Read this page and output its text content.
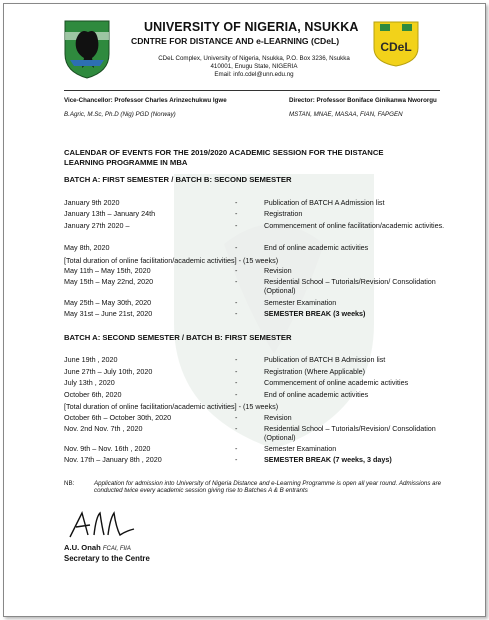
UNIVERSITY OF NIGERIA, NSUKKA
CDNTRE FOR DISTANCE AND e-LEARNING (CDeL)
CDeL Complex, University of Nigeria, Nsukka, P.O. Box 3236, Nsukka
410001, Enugu State, NIGERIA
Email: info.cdel@unn.edu.ng
CDeL
Vice-Chancellor: Professor Charles Arinzechukwu Igwe	Director: Professor Boniface Ginikanwa Nwororgu
B.Agric, M.Sc, Ph.D (Nig) PGD (Norway)	MSTAN, MNAE, MASAA, FIAN, FAPGEN
CALENDAR OF EVENTS FOR THE 2019/2020 ACADEMIC SESSION FOR THE DISTANCE
LEARNING PROGRAMME IN MBA
BATCH A: FIRST SEMESTER / BATCH B: SECOND SEMESTER
January 9th 2020	-	Publication of BATCH A Admission list
January 13th – January 24th	-	Registration
January 27th 2020 –	-	Commencement of online facilitation/academic activities.
May 8th, 2020	-	End of online academic activities
[Total duration of online facilitation/academic activities] - (15 weeks)
May 11th – May 15th, 2020	-	Revision
May 15th – May 22nd, 2020	-	Residential School – Tutorials/Revision/ Consolidation (Optional)
May 25th – May 30th, 2020	-	Semester Examination
May 31st – June 21st, 2020	-	SEMESTER BREAK (3 weeks)
BATCH A: SECOND SEMESTER / BATCH B: FIRST SEMESTER
June 19th , 2020	-	Publication of BATCH B Admission list
June 27th – July 10th, 2020	-	Registration (Where Applicable)
July 13th , 2020	-	Commencement of online academic activities
October 6th, 2020	-	End of online academic activities
[Total duration of online facilitation/academic activities] - (15 weeks)
October 6th – October 30th, 2020	-	Revision
Nov. 2nd Nov. 7th , 2020	-	Residential School – Tutorials/Revision/ Consolidation (Optional)
Nov. 9th – Nov. 16th , 2020	-	Semester Examination
Nov. 17th – January 8th , 2020	-	SEMESTER BREAK (7 weeks, 3 days)
NB:	Application for admission into University of Nigeria Distance and e-Learning Programme is open all year round. Admissions are conducted twice every academic session giving rise to Batches A & B entrants
A.U. Onah FCAI, FIIA
Secretary to the Centre
